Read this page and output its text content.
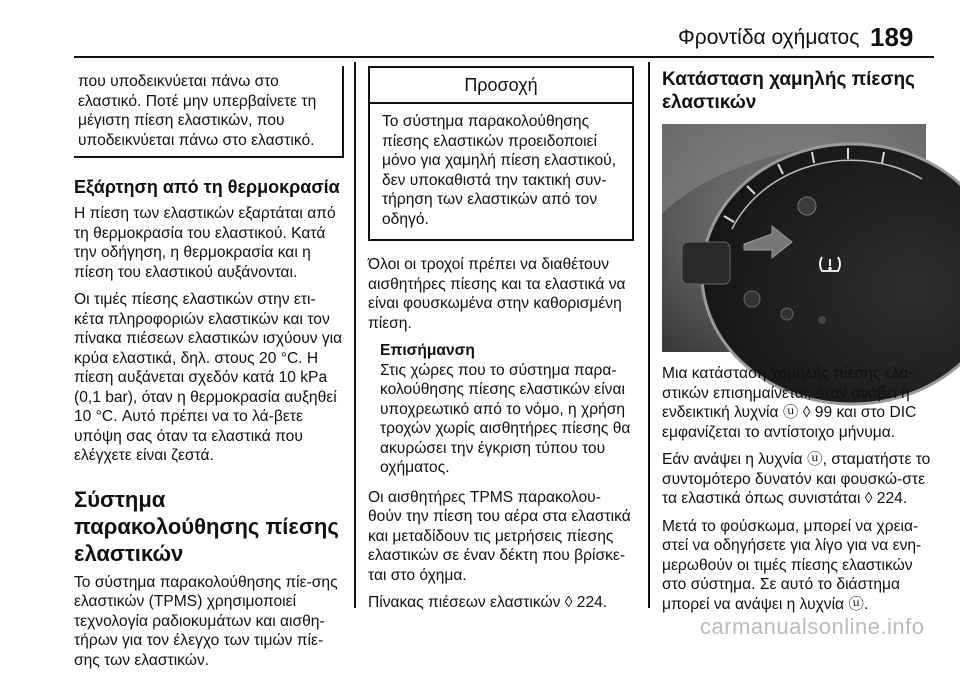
Φροντίδα οχήματος 189

που υποδεικνύεται πάνω στο ελαστικό. Ποτέ μην υπερβαίνετε τη μέγιστη πίεση ελαστικών, που υποδεικνύεται πάνω στο ελαστικό.

Εξάρτηση από τη θερμοκρασία

Η πίεση των ελαστικών εξαρτάται από τη θερμοκρασία του ελαστικού. Κατά την οδήγηση, η θερμοκρασία και η πίεση του ελαστικού αυξάνονται.

Οι τιμές πίεσης ελαστικών στην ετι-κέτα πληροφοριών ελαστικών και τον πίνακα πιέσεων ελαστικών ισχύουν για κρύα ελαστικά, δηλ. στους 20 °C. Η πίεση αυξάνεται σχεδόν κατά 10 kPa (0,1 bar), όταν η θερμοκρασία αυξηθεί 10 °C. Αυτό πρέπει να το λά-βετε υπόψη σας όταν τα ελαστικά που ελέγχετε είναι ζεστά.

Σύστημα παρακολούθησης πίεσης ελαστικών

Το σύστημα παρακολούθησης πίε-σης ελαστικών (TPMS) χρησιμοποιεί τεχνολογία ραδιοκυμάτων και αισθη-τήρων για τον έλεγχο των τιμών πίε-σης των ελαστικών.

Προσοχή

Το σύστημα παρακολούθησης πίεσης ελαστικών προειδοποιεί μόνο για χαμηλή πίεση ελαστικού, δεν υποκαθιστά την τακτική συν-τήρηση των ελαστικών από τον οδηγό.

Όλοι οι τροχοί πρέπει να διαθέτουν αισθητήρες πίεσης και τα ελαστικά να είναι φουσκωμένα στην καθορισμένη πίεση.

Επισήμανση
Στις χώρες που το σύστημα παρα-κολούθησης πίεσης ελαστικών είναι υποχρεωτικό από το νόμο, η χρήση τροχών χωρίς αισθητήρες πίεσης θα ακυρώσει την έγκριση τύπου του οχήματος.

Οι αισθητήρες TPMS παρακολου-θούν την πίεση του αέρα στα ελαστικά και μεταδίδουν τις μετρήσεις πίεσης ελαστικών σε έναν δέκτη που βρίσκε-ται στο όχημα.

Πίνακας πιέσεων ελαστικών ◊ 224.

Κατάσταση χαμηλής πίεσης ελαστικών

Μια κατάσταση χαμηλής πίεσης ελα-στικών επισημαίνεται, όταν ανάβει η ενδεικτική λυχνία ⓤ ◊ 99 και στο DIC εμφανίζεται το αντίστοιχο μήνυμα.

Εάν ανάψει η λυχνία ⓤ, σταματήστε το συντομότερο δυνατόν και φουσκώ-στε τα ελαστικά όπως συνιστάται ◊ 224.

Μετά το φούσκωμα, μπορεί να χρεια-στεί να οδηγήσετε για λίγο για να ενη-μερωθούν οι τιμές πίεσης ελαστικών στο σύστημα. Σε αυτό το διάστημα μπορεί να ανάψει η λυχνία ⓤ.

carmanualsonline.info
